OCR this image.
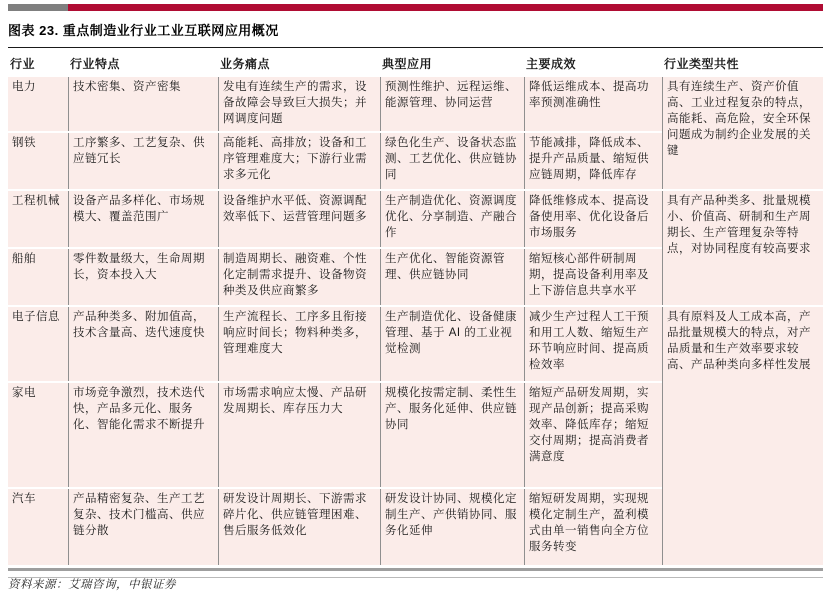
图表 23. 重点制造业行业工业互联网应用概况
行业	行业特点	业务痛点	典型应用	主要成效	行业类型共性
电力	技术密集、资产密集	发电有连续生产的需求，设备故障会导致巨大损失；并网调度问题	预测性维护、远程运维、能源管理、协同运营	降低运维成本、提高功率预测准确性	具有连续生产、资产价值高、工业过程复杂的特点，高能耗、高危险，安全环保问题成为制约企业发展的关键
钢铁	工序繁多、工艺复杂、供应链冗长	高能耗、高排放；设备和工序管理难度大；下游行业需求多元化	绿色化生产、设备状态监测、工艺优化、供应链协同	节能减排，降低成本、提升产品质量、缩短供应链周期，降低库存	
工程机械	设备产品多样化、市场规模大、覆盖范围广	设备维护水平低、资源调配效率低下、运营管理问题多	生产制造优化、资源调度优化、分享制造、产融合作	降低维修成本、提高设备使用率、优化设备后市场服务	具有产品种类多、批量规模小、价值高、研制和生产周期长、生产管理复杂等特点，对协同程度有较高要求
船舶	零件数量级大，生命周期长，资本投入大	制造周期长、融资难、个性化定制需求提升、设备物资种类及供应商繁多	生产优化、智能资源管理、供应链协同	缩短核心部件研制周期，提高设备利用率及上下游信息共享水平	
电子信息	产品种类多、附加值高，技术含量高、迭代速度快	生产流程长、工序多且衔接响应时间长；物料种类多，管理难度大	生产制造优化、设备健康管理、基于 AI 的工业视觉检测	减少生产过程人工干预和用工人数、缩短生产环节响应时间、提高质检效率	具有原料及人工成本高，产品批量规模大的特点，对产品质量和生产效率要求较高、产品种类向多样性发展
家电	市场竞争激烈，技术迭代快，产品多元化、服务化、智能化需求不断提升	市场需求响应太慢、产品研发周期长、库存压力大	规模化按需定制、柔性生产、服务化延伸、供应链协同	缩短产品研发周期，实现产品创新；提高采购效率、降低库存；缩短交付周期；提高消费者满意度	
汽车	产品精密复杂、生产工艺复杂、技术门槛高、供应链分散	研发设计周期长、下游需求碎片化、供应链管理困难、售后服务低效化	研发设计协同、规模化定制生产、产供销协同、服务化延伸	缩短研发周期，实现规模化定制生产，盈利模式由单一销售向全方位服务转变	
资料来源：艾瑞咨询，中银证券
